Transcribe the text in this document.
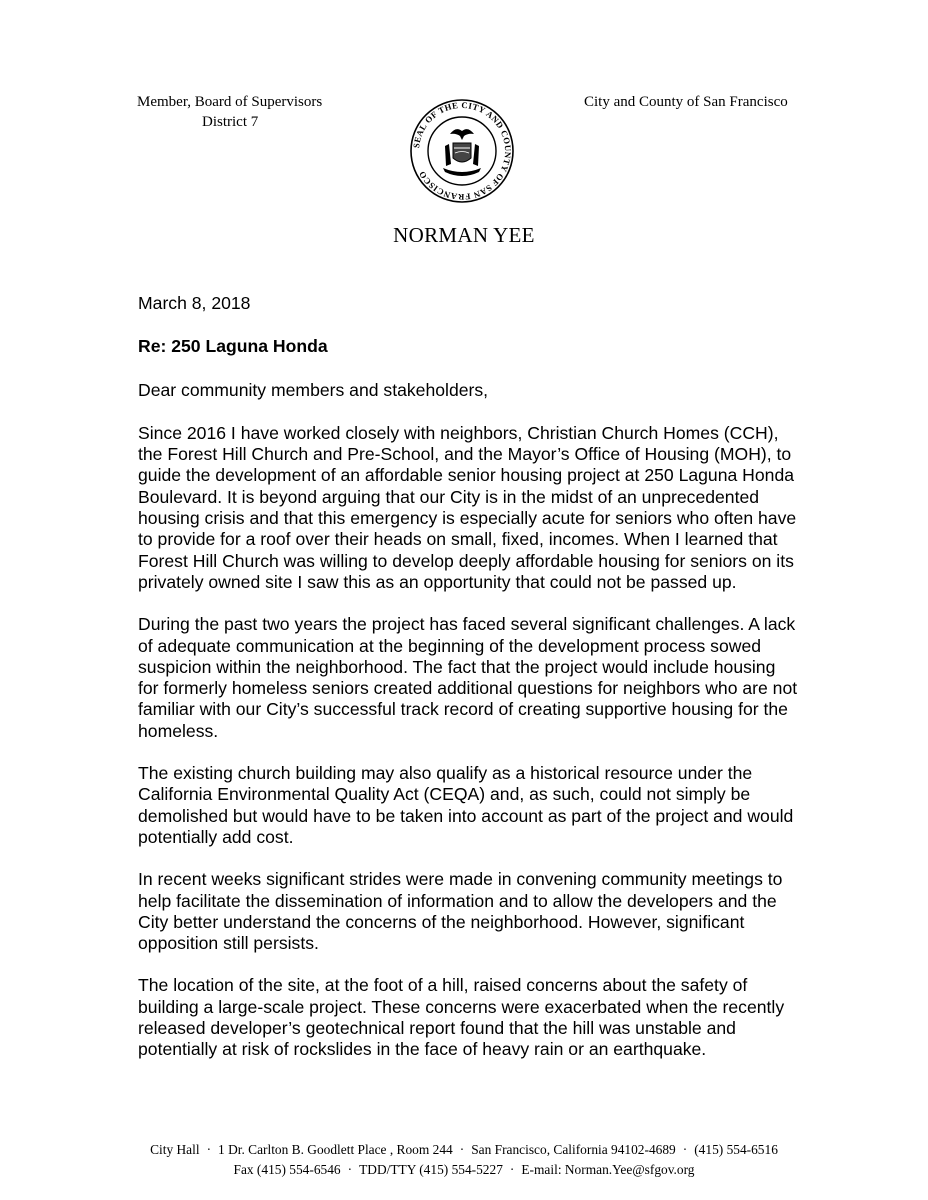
Member, Board of Supervisors
District 7
City and County of San Francisco
SEAL OF THE CITY AND COUNTY OF SAN FRANCISCO
NORMAN YEE

March 8, 2018

Re: 250 Laguna Honda

Dear community members and stakeholders,

Since 2016 I have worked closely with neighbors, Christian Church Homes (CCH), the Forest Hill Church and Pre-School, and the Mayor’s Office of Housing (MOH), to guide the development of an affordable senior housing project at 250 Laguna Honda Boulevard. It is beyond arguing that our City is in the midst of an unprecedented housing crisis and that this emergency is especially acute for seniors who often have to provide for a roof over their heads on small, fixed, incomes. When I learned that Forest Hill Church was willing to develop deeply affordable housing for seniors on its privately owned site I saw this as an opportunity that could not be passed up.

During the past two years the project has faced several significant challenges. A lack of adequate communication at the beginning of the development process sowed suspicion within the neighborhood. The fact that the project would include housing for formerly homeless seniors created additional questions for neighbors who are not familiar with our City’s successful track record of creating supportive housing for the homeless.

The existing church building may also qualify as a historical resource under the California Environmental Quality Act (CEQA) and, as such, could not simply be demolished but would have to be taken into account as part of the project and would potentially add cost.

In recent weeks significant strides were made in convening community meetings to help facilitate the dissemination of information and to allow the developers and the City better understand the concerns of the neighborhood. However, significant opposition still persists.

The location of the site, at the foot of a hill, raised concerns about the safety of building a large-scale project. These concerns were exacerbated when the recently released developer’s geotechnical report found that the hill was unstable and potentially at risk of rockslides in the face of heavy rain or an earthquake.

City Hall · 1 Dr. Carlton B. Goodlett Place , Room 244 · San Francisco, California 94102-4689 · (415) 554-6516
Fax (415) 554-6546 · TDD/TTY (415) 554-5227 · E-mail: Norman.Yee@sfgov.org
